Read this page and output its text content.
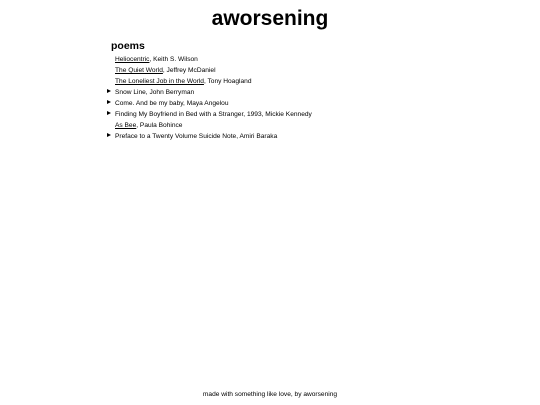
aworsening
poems
Heliocentric, Keith S. Wilson
The Quiet World, Jeffrey McDaniel
The Loneliest Job in the World, Tony Hoagland
Snow Line, John Berryman
Come. And be my baby, Maya Angelou
Finding My Boyfriend in Bed with a Stranger, 1993, Mickie Kennedy
As Bee, Paula Bohince
Preface to a Twenty Volume Suicide Note, Amiri Baraka
made with something like love, by aworsening
